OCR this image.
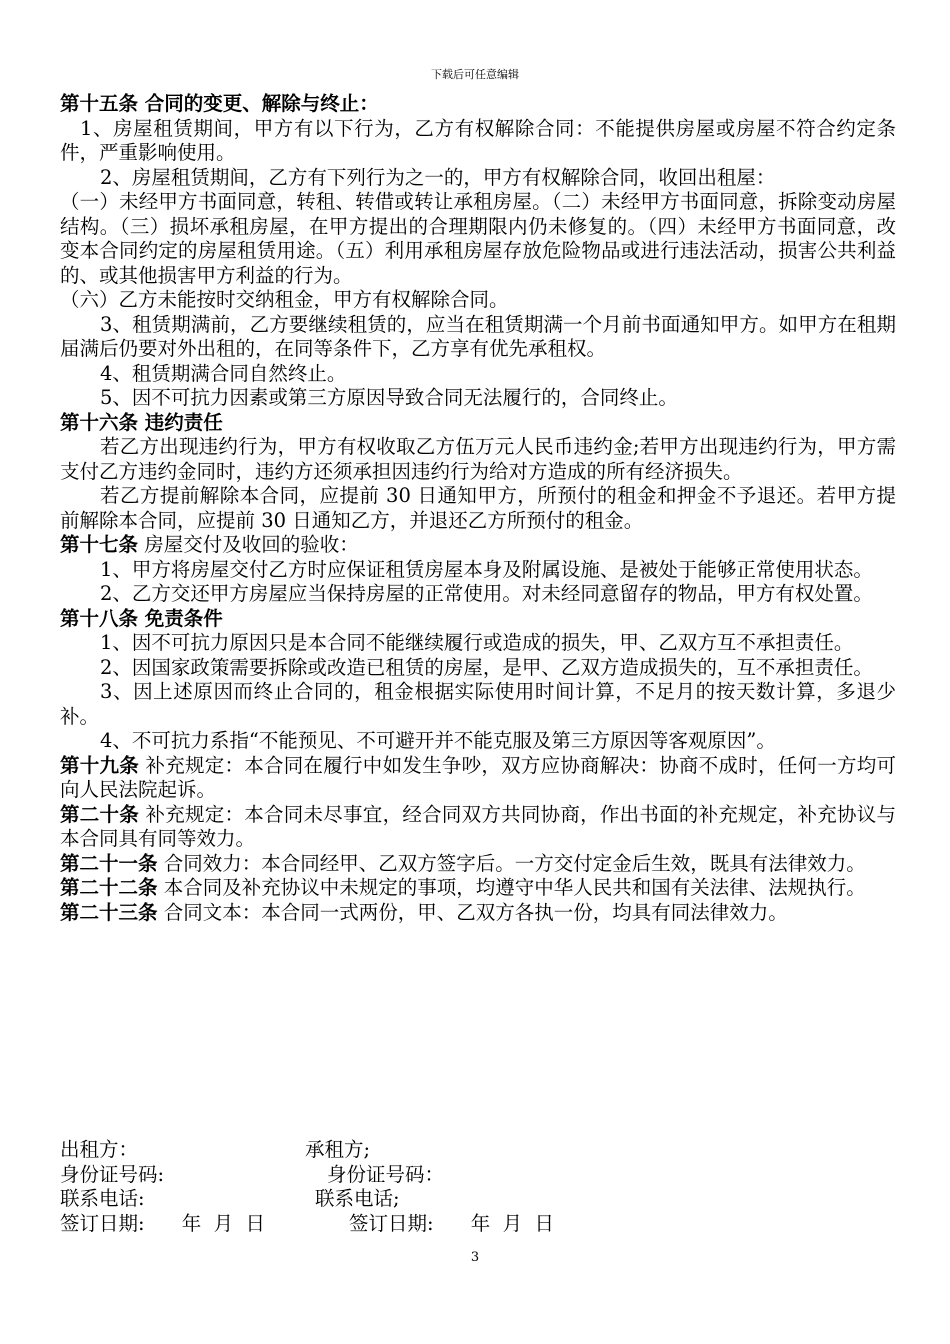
下载后可任意编辑

第十五条 合同的变更、解除与终止：

1、房屋租赁期间，甲方有以下行为，乙方有权解除合同：不能提供房屋或房屋不符合约定条件，严重影响使用。

2、房屋租赁期间，乙方有下列行为之一的，甲方有权解除合同，收回出租屋：

（一）未经甲方书面同意，转租、转借或转让承租房屋。（二）未经甲方书面同意，拆除变动房屋结构。（三）损坏承租房屋，在甲方提出的合理期限内仍未修复的。（四）未经甲方书面同意，改变本合同约定的房屋租赁用途。（五）利用承租房屋存放危险物品或进行违法活动，损害公共利益的、或其他损害甲方利益的行为。

（六）乙方未能按时交纳租金，甲方有权解除合同。

3、租赁期满前，乙方要继续租赁的，应当在租赁期满一个月前书面通知甲方。如甲方在租期届满后仍要对外出租的，在同等条件下，乙方享有优先承租权。

4、租赁期满合同自然终止。

5、因不可抗力因素或第三方原因导致合同无法履行的，合同终止。

第十六条 违约责任

若乙方出现违约行为，甲方有权收取乙方伍万元人民币违约金;若甲方出现违约行为，甲方需支付乙方违约金同时，违约方还须承担因违约行为给对方造成的所有经济损失。

若乙方提前解除本合同，应提前 30 日通知甲方，所预付的租金和押金不予退还。若甲方提前解除本合同，应提前 30 日通知乙方，并退还乙方所预付的租金。

第十七条 房屋交付及收回的验收：

1、甲方将房屋交付乙方时应保证租赁房屋本身及附属设施、是被处于能够正常使用状态。

2、乙方交还甲方房屋应当保持房屋的正常使用。对未经同意留存的物品，甲方有权处置。

第十八条 免责条件

1、因不可抗力原因只是本合同不能继续履行或造成的损失，甲、乙双方互不承担责任。

2、因国家政策需要拆除或改造已租赁的房屋，是甲、乙双方造成损失的，互不承担责任。

3、因上述原因而终止合同的，租金根据实际使用时间计算，不足月的按天数计算，多退少补。

4、不可抗力系指“不能预见、不可避开并不能克服及第三方原因等客观原因”。

第十九条 补充规定：本合同在履行中如发生争吵，双方应协商解决：协商不成时，任何一方均可向人民法院起诉。

第二十条 补充规定：本合同未尽事宜，经合同双方共同协商，作出书面的补充规定，补充协议与本合同具有同等效力。

第二十一条 合同效力：本合同经甲、乙双方签字后。一方交付定金后生效，既具有法律效力。

第二十二条 本合同及补充协议中未规定的事项，均遵守中华人民共和国有关法律、法规执行。

第二十三条 合同文本：本合同一式两份，甲、乙双方各执一份，均具有同法律效力。

出租方：	承租方;
身份证号码:	身份证号码：
联系电话:	联系电话;
签订日期:      年  月  日	签订日期:      年  月  日
3
